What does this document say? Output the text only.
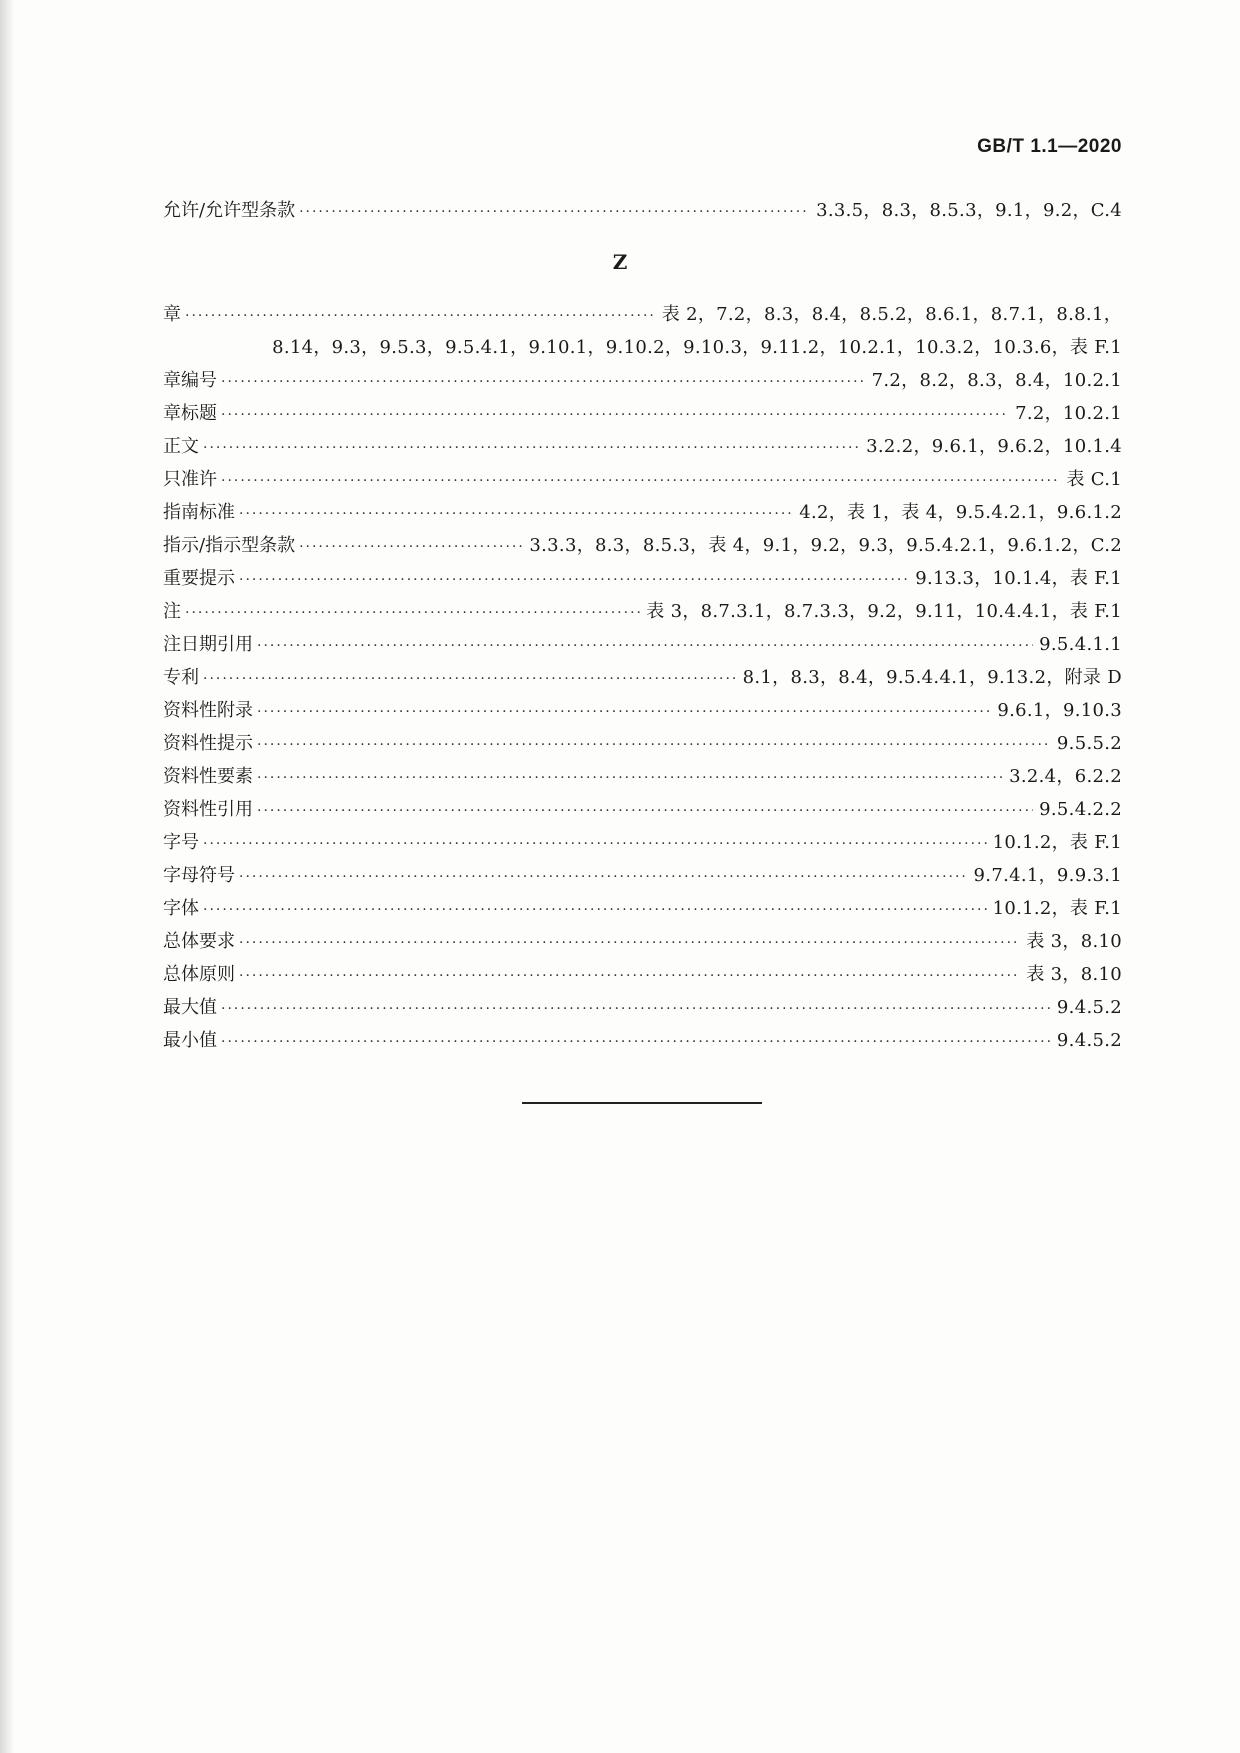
GB/T 1.1—2020
允许/允许型条款 ·····	3.3.5，8.3，8.5.3，9.1，9.2，C.4
Z
章 ·····	表 2，7.2，8.3，8.4，8.5.2，8.6.1，8.7.1，8.8.1，
8.14，9.3，9.5.3，9.5.4.1，9.10.1，9.10.2，9.10.3，9.11.2，10.2.1，10.3.2，10.3.6，表 F.1
章编号 ·····	7.2，8.2，8.3，8.4，10.2.1
章标题 ·····	7.2，10.2.1
正文 ·····	3.2.2，9.6.1，9.6.2，10.1.4
只准许 ·····	表 C.1
指南标准 ·····	4.2，表 1，表 4，9.5.4.2.1，9.6.1.2
指示/指示型条款 ·····	3.3.3，8.3，8.5.3，表 4，9.1，9.2，9.3，9.5.4.2.1，9.6.1.2，C.2
重要提示 ·····	9.13.3，10.1.4，表 F.1
注 ·····	表 3，8.7.3.1，8.7.3.3，9.2，9.11，10.4.4.1，表 F.1
注日期引用 ·····	9.5.4.1.1
专利 ·····	8.1，8.3，8.4，9.5.4.4.1，9.13.2，附录 D
资料性附录 ·····	9.6.1，9.10.3
资料性提示 ·····	9.5.5.2
资料性要素 ·····	3.2.4，6.2.2
资料性引用 ·····	9.5.4.2.2
字号 ·····	10.1.2，表 F.1
字母符号 ·····	9.7.4.1，9.9.3.1
字体 ·····	10.1.2，表 F.1
总体要求 ·····	表 3，8.10
总体原则 ·····	表 3，8.10
最大值 ·····	9.4.5.2
最小值 ·····	9.4.5.2
